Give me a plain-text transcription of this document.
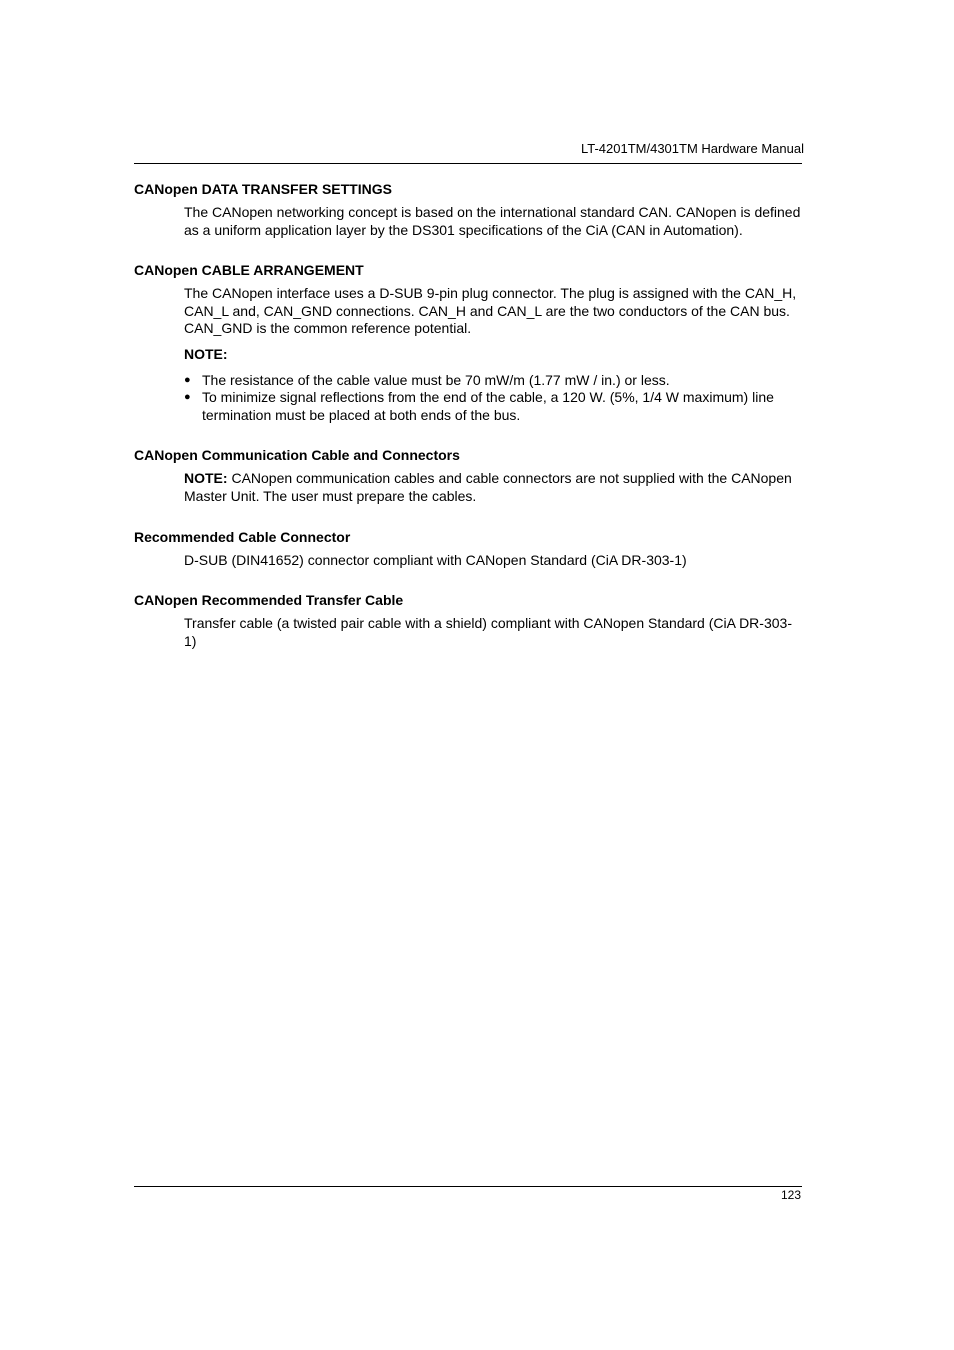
LT-4201TM/4301TM Hardware Manual
CANopen DATA TRANSFER SETTINGS

The CANopen networking concept is based on the international standard CAN. CANopen is defined as a uniform application layer by the DS301 specifications of the CiA (CAN in Automation).

CANopen CABLE ARRANGEMENT

The CANopen interface uses a D-SUB 9-pin plug connector. The plug is assigned with the CAN_H, CAN_L and, CAN_GND connections. CAN_H and CAN_L are the two conductors of the CAN bus. CAN_GND is the common reference potential.

NOTE:

● The resistance of the cable value must be 70 mW/m (1.77 mW / in.) or less.
● To minimize signal reflections from the end of the cable, a 120 W. (5%, 1/4 W maximum) line termination must be placed at both ends of the bus.
CANopen Communication Cable and Connectors

NOTE: CANopen communication cables and cable connectors are not supplied with the CANopen Master Unit. The user must prepare the cables.

Recommended Cable Connector

D-SUB (DIN41652) connector compliant with CANopen Standard (CiA DR-303-1)

CANopen Recommended Transfer Cable

Transfer cable (a twisted pair cable with a shield) compliant with CANopen Standard (CiA DR-303-1)

123
